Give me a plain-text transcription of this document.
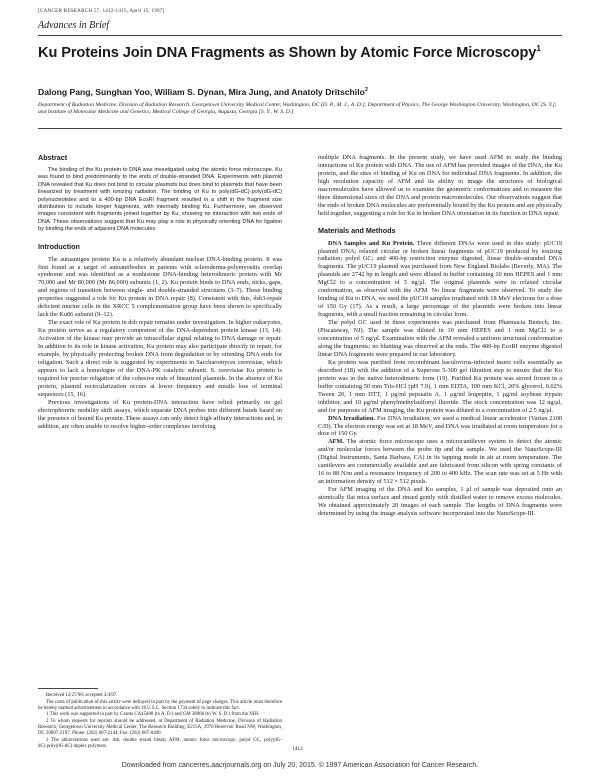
[CANCER RESEARCH 57, 1412-1415, April 15, 1997]
Advances in Brief
Ku Proteins Join DNA Fragments as Shown by Atomic Force Microscopy$^1$
Dalong Pang, Sunghan Yoo, William S. Dynan, Mira Jung, and Anatoly Dritschilo$^2$
Department of Radiation Medicine, Division of Radiation Research, Georgetown University Medical Center, Washington, DC [D. P., M. J., A. D.]; Department of Physics, The George Washington University, Washington, DC [S. Y.]; and Institute of Molecular Medicine and Genetics, Medical College of Georgia, Augusta, Georgia [S. Y., W. S. D.]
Abstract

The binding of the Ku protein to DNA was investigated using the atomic force microscope. Ku was found to bind predominantly to the ends of double-stranded DNA. Experiments with plasmid DNA revealed that Ku does not bind to circular plasmids but does bind to plasmids that have been linearized by treatment with ionizing radiation. The binding of Ku to poly(dG-dC)·poly(dG-dC) polynucleotides and to a 400-bp DNA EcoRI fragment resulted in a shift in the fragment size distribution to include longer fragments, with internally binding Ku. Furthermore, we observed images consistent with fragments joined together by Ku, showing no interaction with two ends of DNA. These observations suggest that Ku may play a role in physically orienting DNA for ligation by binding the ends of adjacent DNA molecules.

Introduction

The autoantigen protein Ku is a relatively abundant nuclear DNA-binding protein. It was first found as a target of autoantibodies in patients with scleroderma-polymyositis overlap syndrome and was identified as a nonhistone DNA-binding heterodimeric protein with Mr 70,000 and Mr 80,000 (Mr 86,000) subunits (1, 2). Ku protein binds to DNA ends, nicks, gaps, and regions of transition between single- and double-stranded structures (3–7). These binding properties suggested a role for Ku protein in DNA repair (8). Consistent with this, dsb3-repair deficient murine cells in the XRCC 5 complementation group have been shown to specifically lack the Ku86 subunit (9–12).

The exact role of Ku protein in dsb repair remains under investigation. In higher eukaryotes, Ku protein serves as a regulatory component of the DNA-dependent protein kinase (13, 14). Activation of the kinase may provide an intracellular signal relating to DNA damage or repair. In addition to its role in kinase activation, Ku protein may also participate directly in repair, for example, by physically protecting broken DNA from degradation or by orienting DNA ends for religation. Such a direct role is suggested by experiments in Saccharomyces cerevisiae, which appears to lack a homologue of the DNA-PK catalytic subunit. S. cerevisiae Ku protein is required for precise religation of the cohesive ends of linearized plasmids. In the absence of Ku protein, plasmid recircularization occurs at lower frequency and entails loss of terminal sequences (15, 16).

Previous investigations of Ku protein-DNA interaction have relied primarily on gel electrophoretic mobility shift assays, which separate DNA probes into different bands based on the presence of bound Ku protein. These assays can only detect high-affinity interactions and, in addition, are often unable to resolve higher-order complexes involving

multiple DNA fragments. In the present study, we have used AFM to study the binding interactions of Ku protein with DNA. The use of AFM has provided images of the DNA, the Ku protein, and the sites of binding of Ku on DNA for individual DNA fragments. In addition, the high resolution capacity of AFM and its ability to image the structures of biological macromolecules have allowed us to examine the geometric conformations and to measure the three dimensional sizes of the DNA and protein macromolecules. Our observations suggest that the ends of broken DNA molecules are preferentially bound by the Ku protein and are physically held together, suggesting a role for Ku in broken DNA orientation in its function in DNA repair.

Materials and Methods

DNA Samples and Ku Protein. Three different DNAs were used in this study: pUC19 plasmid DNA; relaxed circular or broken linear fragments of pUC19 produced by ionizing radiation; polyd GC; and 400-bp restriction enzyme digested, linear double-stranded DNA fragments. The pUC19 plasmid was purchased from New England Biolabs (Beverly, MA). The plasmids are 2742 bp in length and were diluted in buffer containing 10 mm HEPES and 1 mm MgCl2 to a concentration of 5 ng/μl. The original plasmids were in relaxed circular conformation, as observed with the AFM. No linear fragments were observed. To study the binding of Ku to DNA, we used the pUC19 samples irradiated with 18 MeV electrons for a dose of 150 Gy (17). As a result, a large percentage of the plasmids were broken into linear fragments, with a small fraction remaining in circular form.

The polyd GC used in these experiments was purchased from Pharmacia Biotech, Inc. (Piscataway, NJ). The sample was diluted in 10 mm HEPES and 1 mm MgCl2 to a concentration of 5 ng/μl. Examination with the AFM revealed a uniform structural conformation along the fragments; no blunting was observed at the ends. The 400-bp EcoRI enzyme digested linear DNA fragments were prepared in our laboratory.

Ku protein was purified from recombinant baculovirus-infected insect cells essentially as described (18) with the addition of a Superose 5-300 gel filtration step to ensure that the Ku protein was in the native heterodimeric form (19). Purified Ku protein was stored frozen in a buffer containing 50 mm Tris-HCl (pH 7.9), 1 mm EDTA, 100 mm KCl, 20% glycerol, 0.02% Tween 20, 1 mm DTT, 1 μg/ml pepstatin A, 1 μg/ml leupeptin, 1 μg/ml soybean trypsin inhibitor, and 10 μg/ml phenylmethylsulfonyl fluoride. The stock concentration was 12 ng/μl, and for purposes of AFM imaging, the Ku protein was diluted to a concentration of 2.5 ng/μl.

DNA Irradiation. For DNA irradiation, we used a medical linear accelerator (Varian 2100 C/D). The electron energy was set at 18 MeV, and DNA was irradiated at room temperature for a dose of 150 Gy.

AFM. The atomic force microscope uses a microcantilever system to detect the atomic and/or molecular forces between the probe tip and the sample. We used the NanoScope-III (Digital Instruments, Santa Barbara, CA) in its tapping mode in air at room temperature. The cantilevers are commercially available and are fabricated from silicon with spring constants of 16 to 88 N/m and a resonance frequency of 200 to 400 kHz. The scan rate was set at 5 Hz with an information density of 512 × 512 pixels.

For AFM imaging of the DNA and Ku samples, 1 μl of sample was deposited onto an atomically flat mica surface and rinsed gently with distilled water to remove excess molecules. We obtained approximately 20 images of each sample. The lengths of DNA fragments were determined by using the image analysis software incorporated into the NanoScope-III.

Received 12/27/96; accepted 3/4/97.

The costs of publication of this article were defrayed in part by the payment of page charges. This article must therefore be hereby marked advertisement in accordance with 18 U.S.C. Section 1734 solely to indicate this fact.

1 This work was supported in part by Grants CA45408 (to A. D.) and GM 38966 (to W. S. D.) from the NIH.

2 To whom requests for reprints should be addressed, at Department of Radiation Medicine, Division of Radiation Research, Georgetown University Medical Center, The Research Building, E215A, 3970 Reservoir Road NW, Washington, DC 20007-2197. Phone: (202) 687-2144; Fax: (202) 687-0400.

3 The abbreviations used are: dsb, double strand break; AFM, atomic force microscopy; polyd GC, poly(dG-dC)·poly(dG-dC) duplex polymers.	1412
Downloaded from cancerres.aacrjournals.org on July 20, 2015. © 1997 American Association for Cancer Research.
